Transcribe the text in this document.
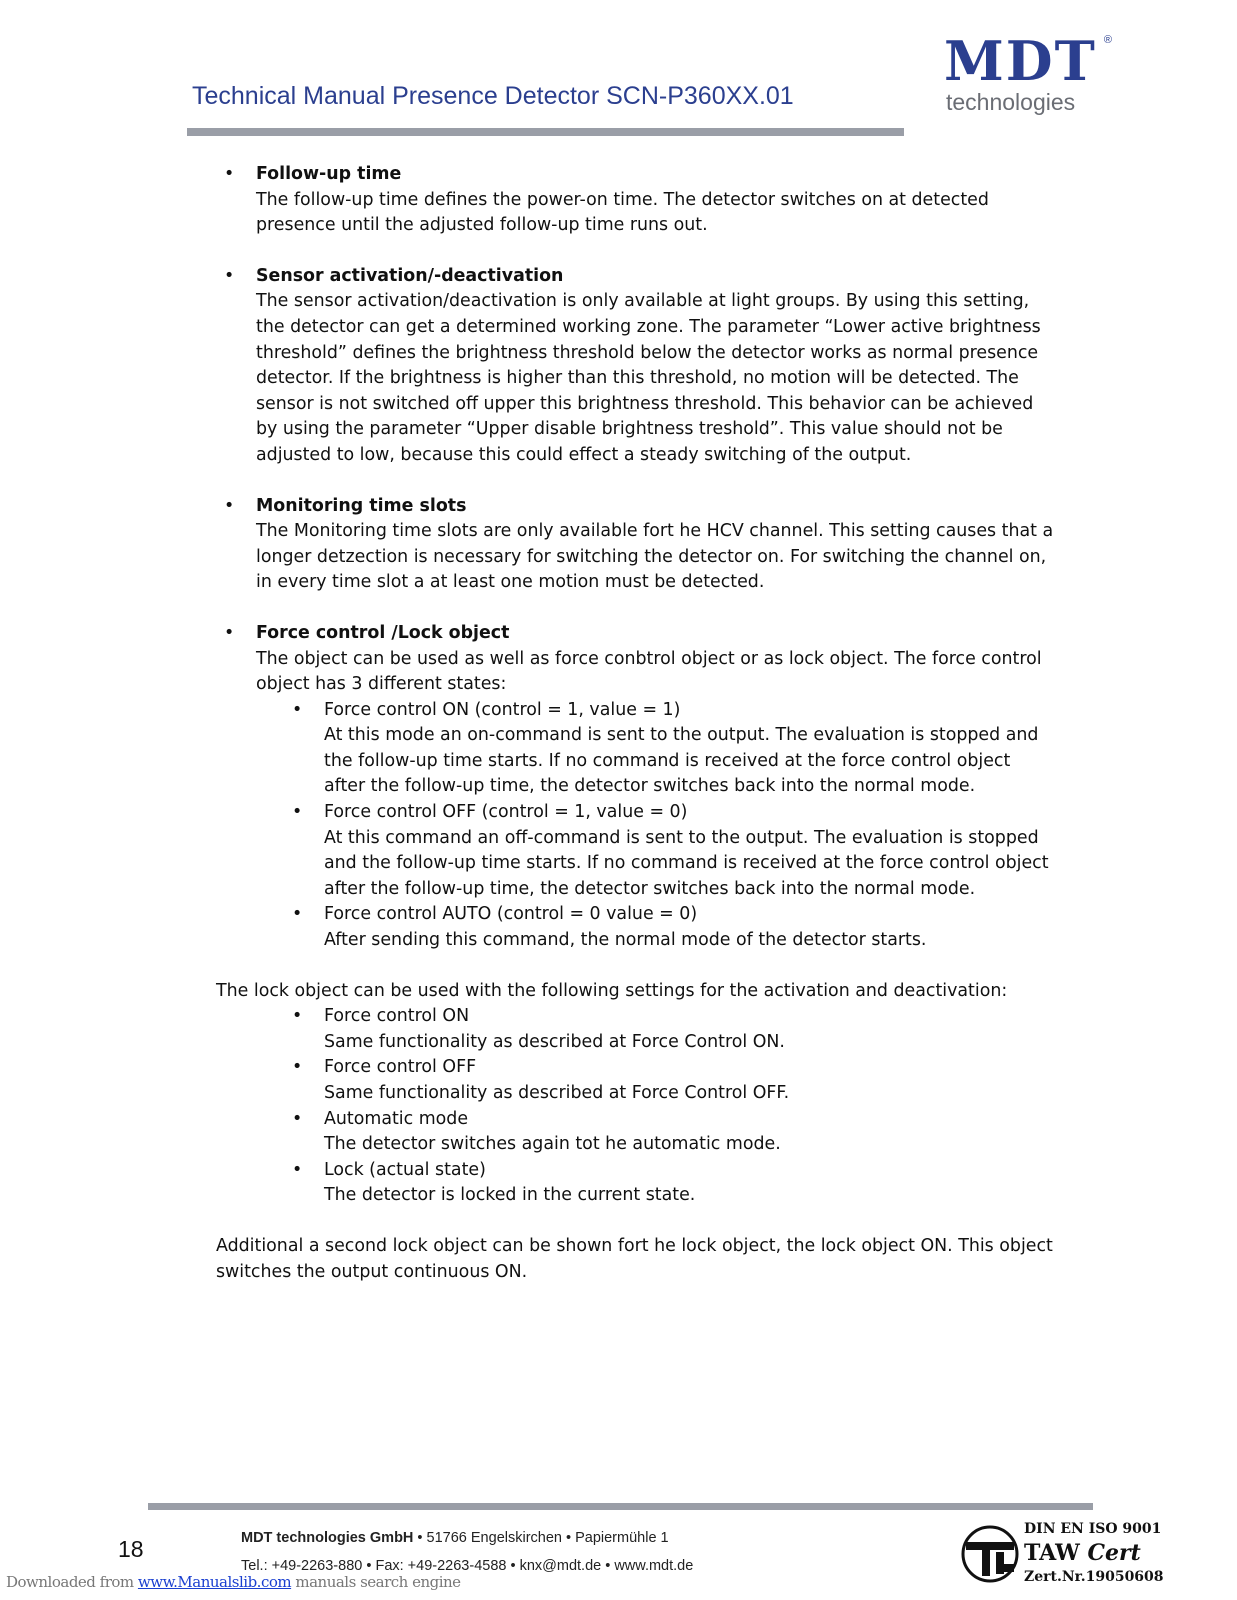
Technical Manual Presence Detector SCN-P360XX.01
MDT ®
technologies
• Follow-up time

The follow-up time defines the power-on time. The detector switches on at detected presence until the adjusted follow-up time runs out.

• Sensor activation/-deactivation

The sensor activation/deactivation is only available at light groups. By using this setting, the detector can get a determined working zone. The parameter “Lower active brightness threshold” defines the brightness threshold below the detector works as normal presence detector. If the brightness is higher than this threshold, no motion will be detected. The sensor is not switched off upper this brightness threshold. This behavior can be achieved by using the parameter “Upper disable brightness treshold”. This value should not be adjusted to low, because this could effect a steady switching of the output.

• Monitoring time slots

The Monitoring time slots are only available fort he HCV channel. This setting causes that a longer detzection is necessary for switching the detector on. For switching the channel on, in every time slot a at least one motion must be detected.

• Force control /Lock object

The object can be used as well as force conbtrol object or as lock object. The force control object has 3 different states:

• Force control ON (control = 1, value = 1)

At this mode an on-command is sent to the output. The evaluation is stopped and the follow-up time starts. If no command is received at the force control object after the follow-up time, the detector switches back into the normal mode.

• Force control OFF (control = 1, value = 0)

At this command an off-command is sent to the output. The evaluation is stopped and the follow-up time starts. If no command is received at the force control object after the follow-up time, the detector switches back into the normal mode.

• Force control AUTO (control = 0 value = 0)

After sending this command, the normal mode of the detector starts.

The lock object can be used with the following settings for the activation and deactivation:

• Force control ON

Same functionality as described at Force Control ON.

• Force control OFF

Same functionality as described at Force Control OFF.

• Automatic mode

The detector switches again tot he automatic mode.

• Lock (actual state)

The detector is locked in the current state.

Additional a second lock object can be shown fort he lock object, the lock object ON. This object switches the output continuous ON.

18	MDT technologies GmbH • 51766 Engelskirchen • Papiermühle 1
Tel.: +49-2263-880 • Fax: +49-2263-4588 • knx@mdt.de • www.mdt.de
DIN EN ISO 9001
TAW Cert
Zert.Nr.19050608
Downloaded from www.Manualslib.com manuals search engine
